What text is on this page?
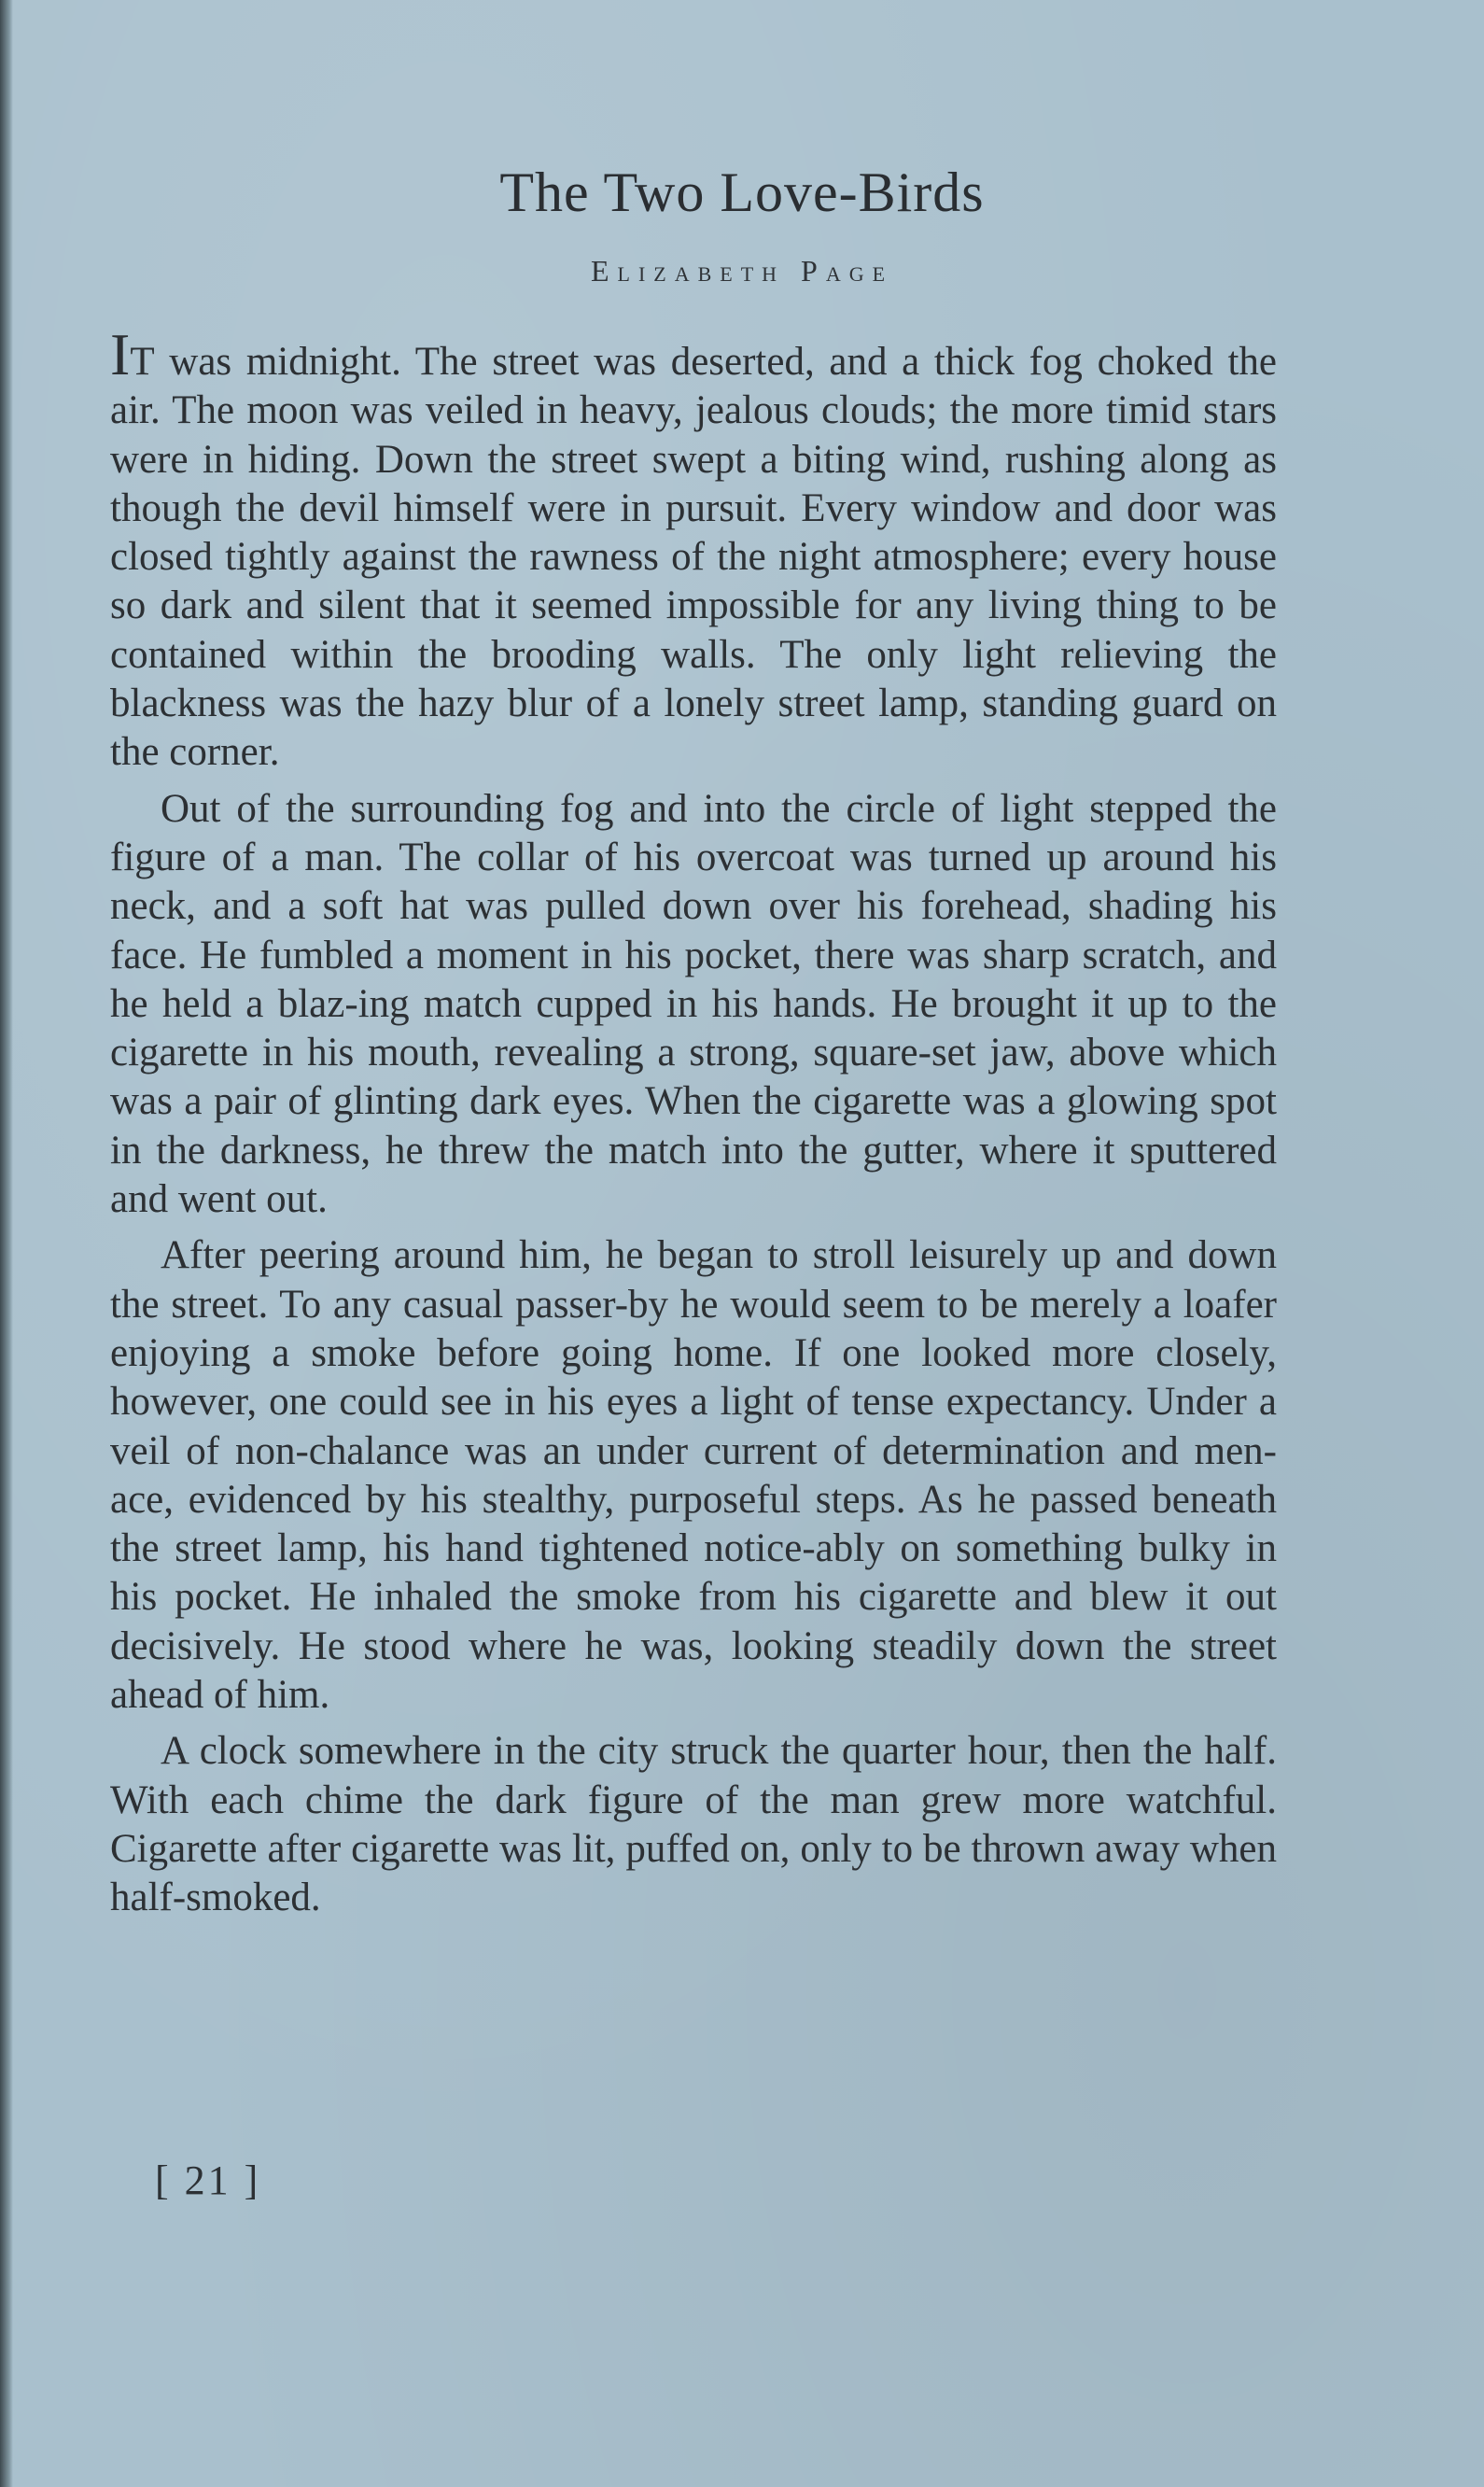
The Two Love-Birds
Elizabeth Page

IT was midnight. The street was deserted, and a thick fog choked the air. The moon was veiled in heavy, jealous clouds; the more timid stars were in hiding. Down the street swept a biting wind, rushing along as though the devil himself were in pursuit. Every window and door was closed tightly against the rawness of the night atmosphere; every house so dark and silent that it seemed impossible for any living thing to be contained within the brooding walls. The only light relieving the blackness was the hazy blur of a lonely street lamp, standing guard on the corner.

Out of the surrounding fog and into the circle of light stepped the figure of a man. The collar of his overcoat was turned up around his neck, and a soft hat was pulled down over his forehead, shading his face. He fumbled a moment in his pocket, there was sharp scratch, and he held a blaz-ing match cupped in his hands. He brought it up to the cigarette in his mouth, revealing a strong, square-set jaw, above which was a pair of glinting dark eyes. When the cigarette was a glowing spot in the darkness, he threw the match into the gutter, where it sputtered and went out.

After peering around him, he began to stroll leisurely up and down the street. To any casual passer-by he would seem to be merely a loafer enjoying a smoke before going home. If one looked more closely, however, one could see in his eyes a light of tense expectancy. Under a veil of non-chalance was an under current of determination and men-ace, evidenced by his stealthy, purposeful steps. As he passed beneath the street lamp, his hand tightened notice-ably on something bulky in his pocket. He inhaled the smoke from his cigarette and blew it out decisively. He stood where he was, looking steadily down the street ahead of him.

A clock somewhere in the city struck the quarter hour, then the half. With each chime the dark figure of the man grew more watchful. Cigarette after cigarette was lit, puffed on, only to be thrown away when half-smoked.

[ 21 ]
